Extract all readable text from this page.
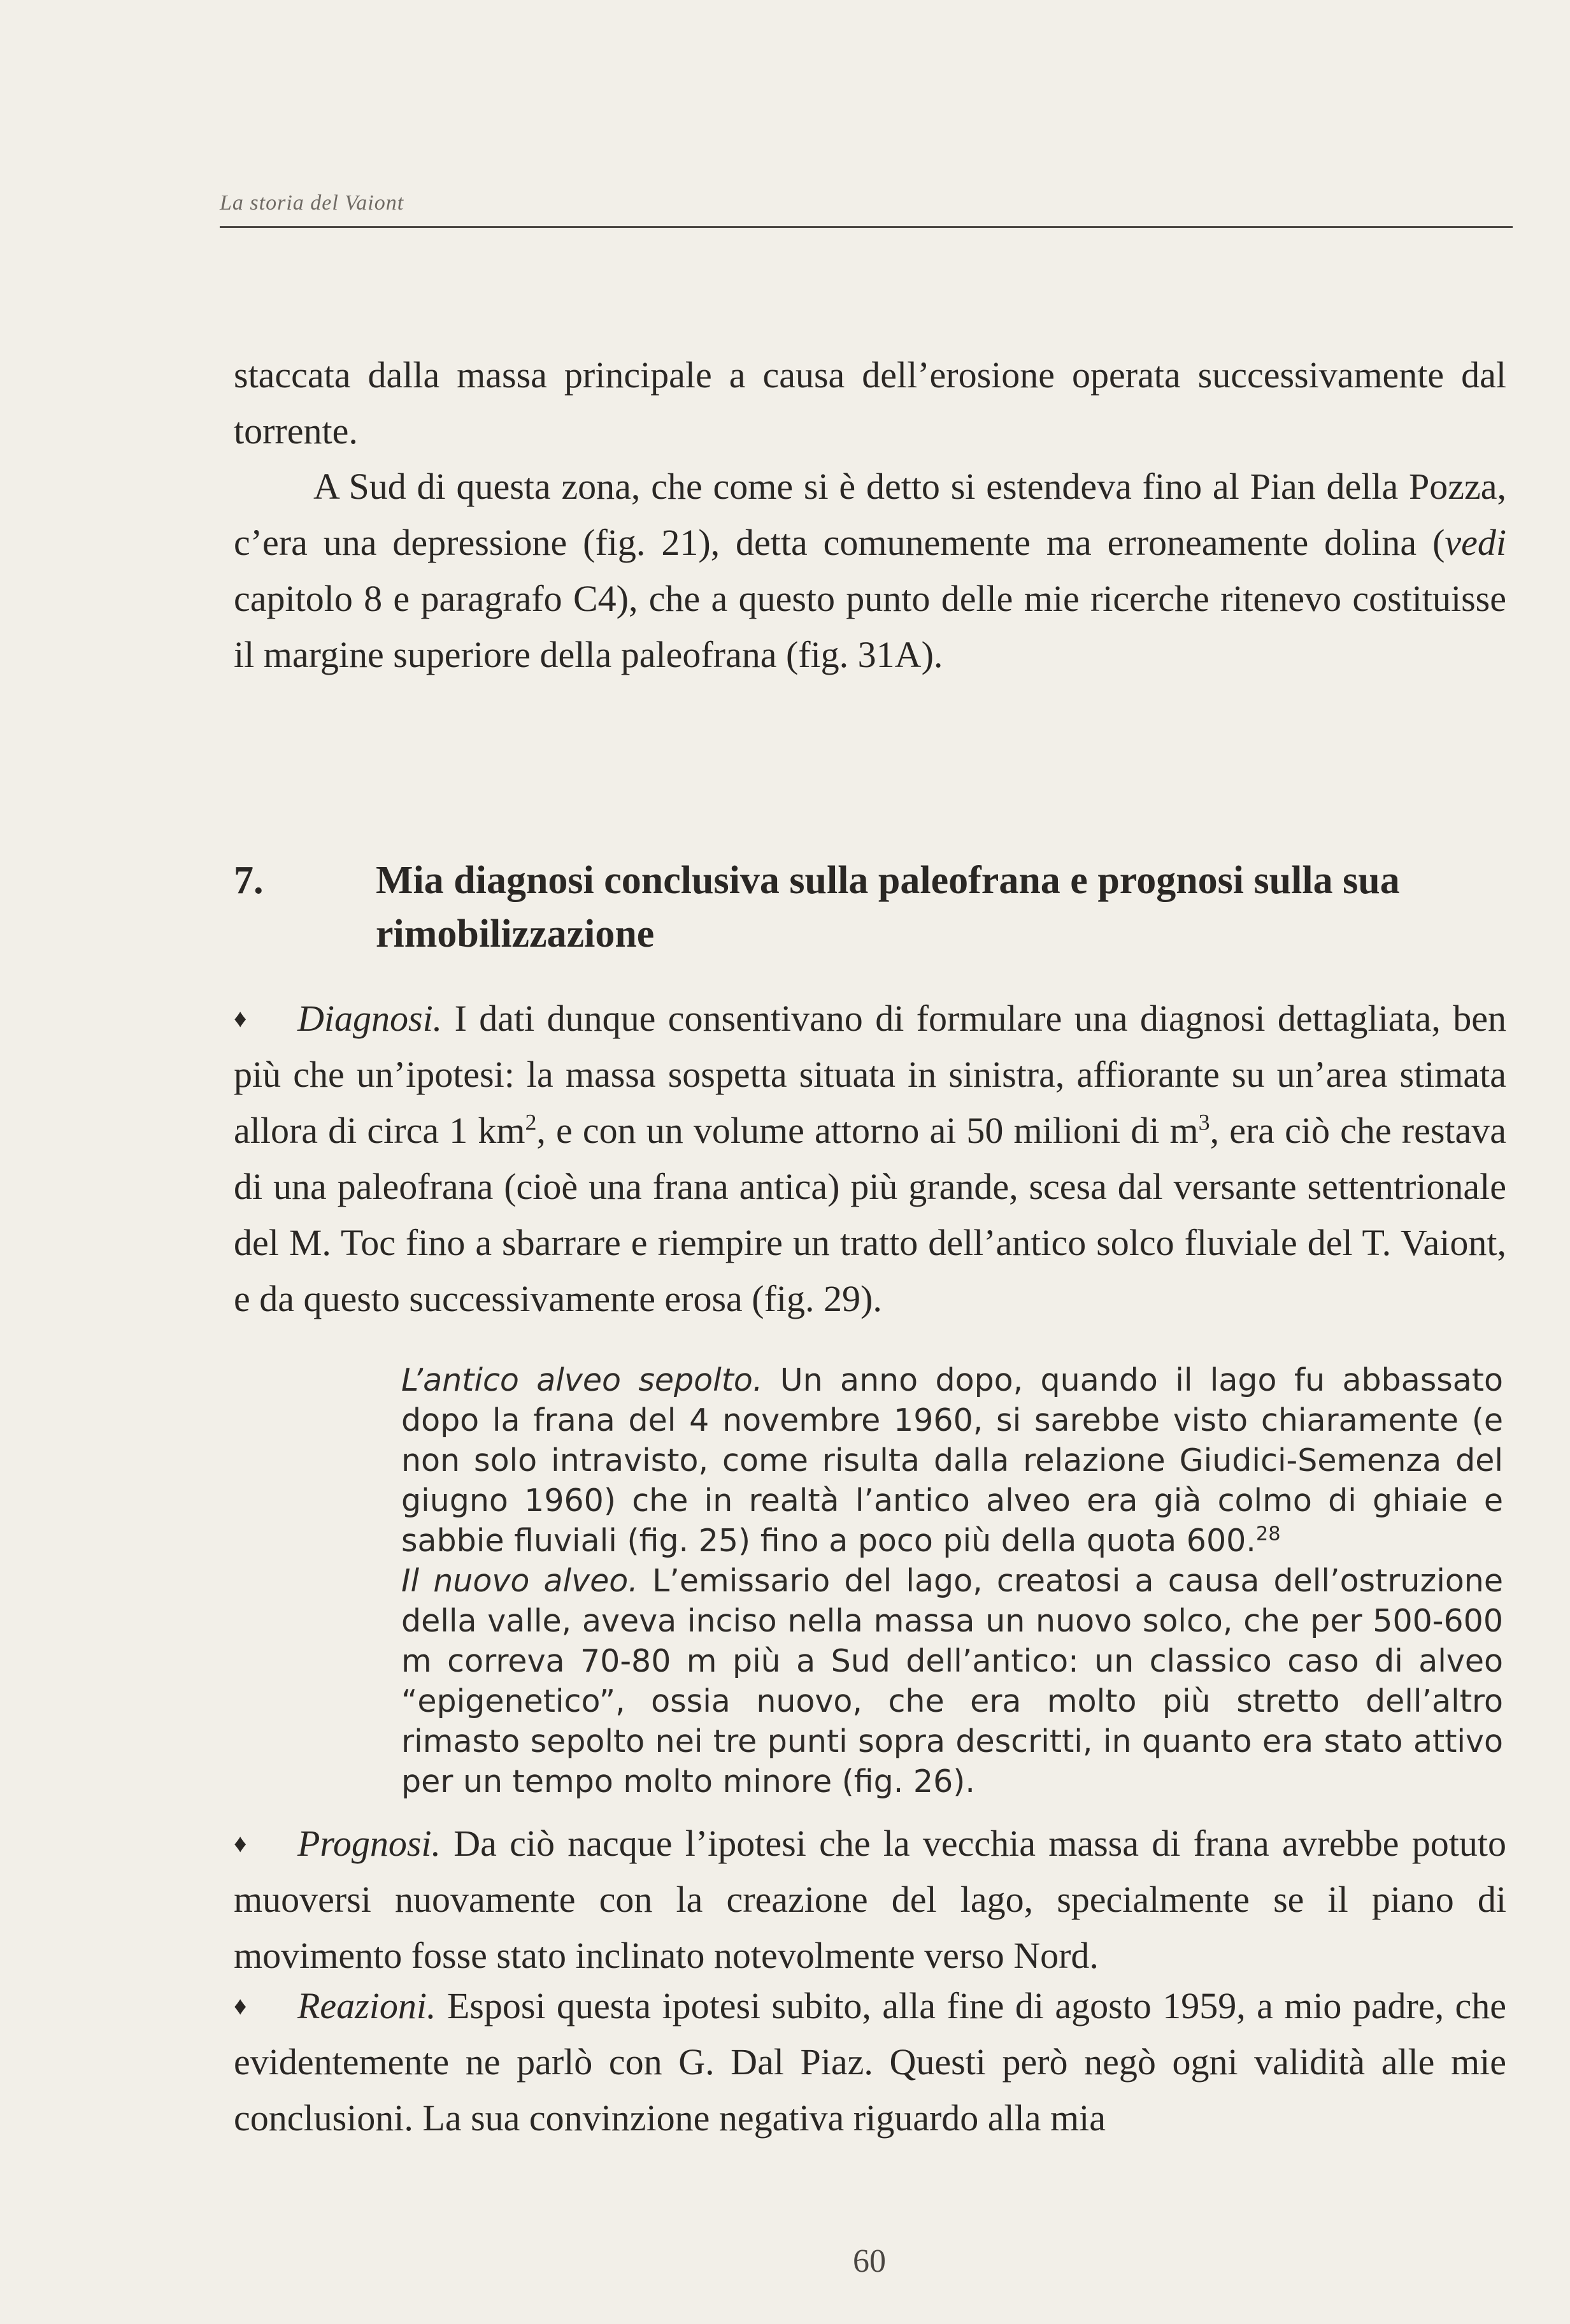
La storia del Vaiont

staccata dalla massa principale a causa dell’erosione operata successivamente dal torrente.

A Sud di questa zona, che come si è detto si estendeva fino al Pian della Pozza, c’era una depressione (fig. 21), detta comunemente ma erroneamente dolina (vedi capitolo 8 e paragrafo C4), che a questo punto delle mie ricerche ritenevo costituisse il margine superiore della paleofrana (fig. 31A).

7.	Mia diagnosi conclusiva sulla paleofrana e prognosi sulla sua rimobilizzazione

♦ Diagnosi. I dati dunque consentivano di formulare una diagnosi dettagliata, ben più che un’ipotesi: la massa sospetta situata in sinistra, affiorante su un’area stimata allora di circa 1 $km^2$, e con un volume attorno ai 50 milioni di $m^3$, era ciò che restava di una paleofrana (cioè una frana antica) più grande, scesa dal versante settentrionale del M. Toc fino a sbarrare e riempire un tratto dell’antico solco fluviale del T. Vaiont, e da questo successivamente erosa (fig. 29).

L’antico alveo sepolto. Un anno dopo, quando il lago fu abbassato dopo la frana del 4 novembre 1960, si sarebbe visto chiaramente (e non solo intravisto, come risulta dalla relazione Giudici-Semenza del giugno 1960) che in realtà l’antico alveo era già colmo di ghiaie e sabbie fluviali (fig. 25) fino a poco più della quota 600.28

Il nuovo alveo. L’emissario del lago, creatosi a causa dell’ostruzione della valle, aveva inciso nella massa un nuovo solco, che per 500-600 m correva 70-80 m più a Sud dell’antico: un classico caso di alveo “epigenetico”, ossia nuovo, che era molto più stretto dell’altro rimasto sepolto nei tre punti sopra descritti, in quanto era stato attivo per un tempo molto minore (fig. 26).

♦ Prognosi. Da ciò nacque l’ipotesi che la vecchia massa di frana avrebbe potuto muoversi nuovamente con la creazione del lago, specialmente se il piano di movimento fosse stato inclinato notevolmente verso Nord.

♦ Reazioni. Esposi questa ipotesi subito, alla fine di agosto 1959, a mio padre, che evidentemente ne parlò con G. Dal Piaz. Questi però negò ogni validità alle mie conclusioni. La sua convinzione negativa riguardo alla mia

60
